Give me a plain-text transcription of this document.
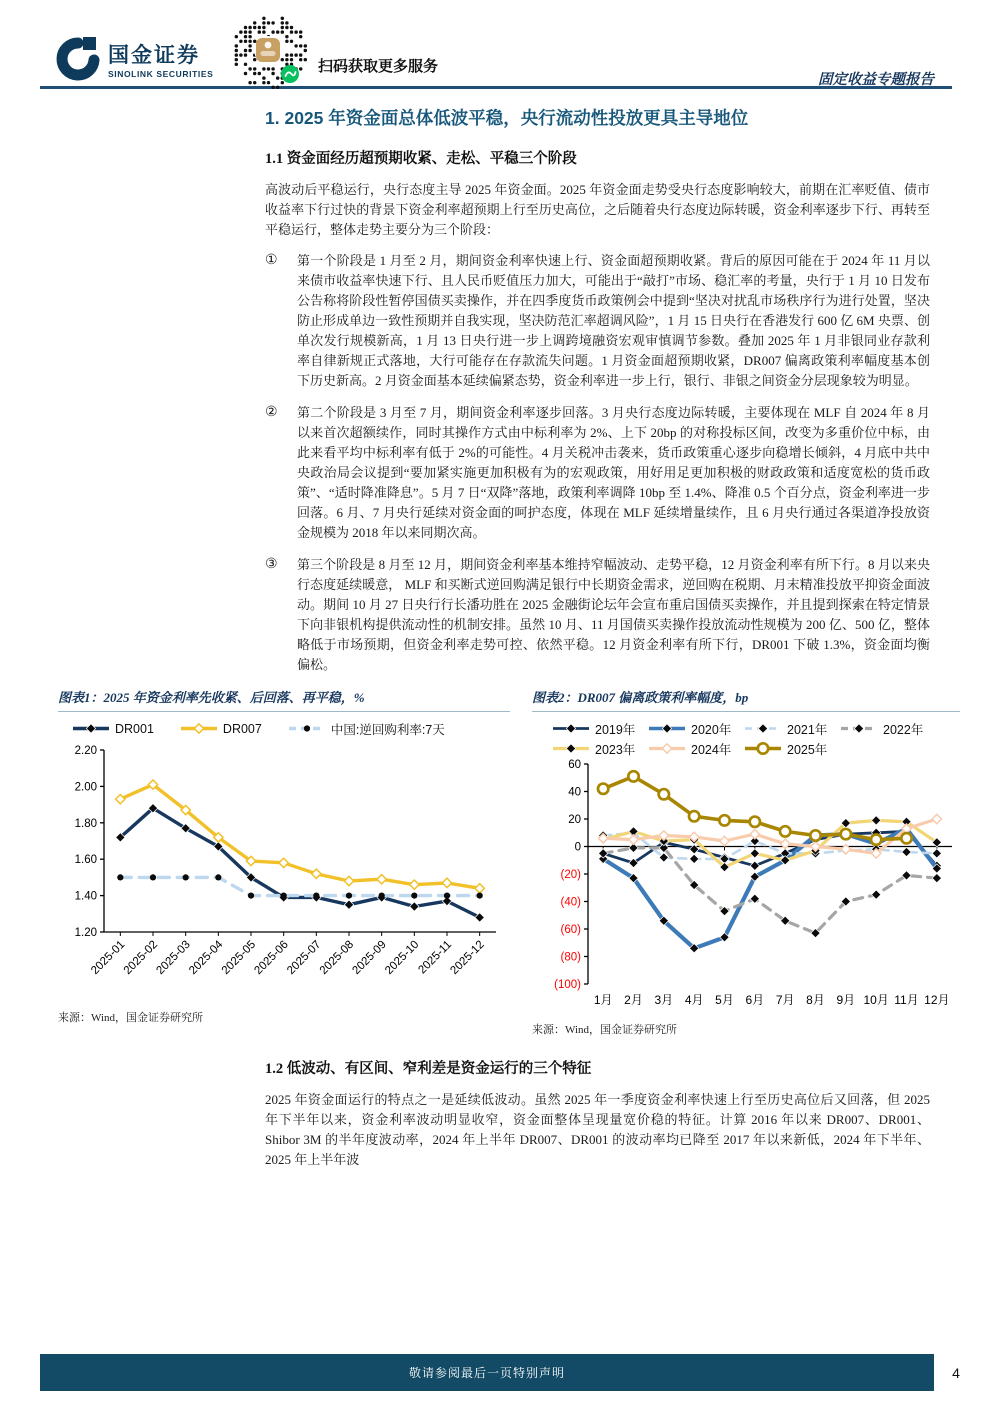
国金证券
SINOLINK SECURITIES	扫码获取更多服务
固定收益专题报告
1. 2025 年资金面总体低波平稳，央行流动性投放更具主导地位
1.1 资金面经历超预期收紧、走松、平稳三个阶段

高波动后平稳运行，央行态度主导 2025 年资金面。2025 年资金面走势受央行态度影响较大，前期在汇率贬值、债市收益率下行过快的背景下资金利率超预期上行至历史高位，之后随着央行态度边际转暖，资金利率逐步下行、再转至平稳运行，整体走势主要分为三个阶段：

①	第一个阶段是 1 月至 2 月，期间资金利率快速上行、资金面超预期收紧。背后的原因可能在于 2024 年 11 月以来债市收益率快速下行、且人民币贬值压力加大，可能出于“敲打”市场、稳汇率的考量，央行于 1 月 10 日发布公告称将阶段性暂停国债买卖操作，并在四季度货币政策例会中提到“坚决对扰乱市场秩序行为进行处置，坚决防止形成单边一致性预期并自我实现，坚决防范汇率超调风险”，1 月 15 日央行在香港发行 600 亿 6M 央票、创单次发行规模新高，1 月 13 日央行进一步上调跨境融资宏观审慎调节参数。叠加 2025 年 1 月非银同业存款利率自律新规正式落地，大行可能存在存款流失问题。1 月资金面超预期收紧，DR007 偏离政策利率幅度基本创下历史新高。2 月资金面基本延续偏紧态势，资金利率进一步上行，银行、非银之间资金分层现象较为明显。
②	第二个阶段是 3 月至 7 月，期间资金利率逐步回落。3 月央行态度边际转暖，主要体现在 MLF 自 2024 年 8 月以来首次超额续作，同时其操作方式由中标利率为 2%、上下 20bp 的对称投标区间，改变为多重价位中标，由此来看平均中标利率有低于 2%的可能性。4 月关税冲击袭来，货币政策重心逐步向稳增长倾斜，4 月底中共中央政治局会议提到“要加紧实施更加积极有为的宏观政策，用好用足更加积极的财政政策和适度宽松的货币政策”、“适时降准降息”。5 月 7 日“双降”落地，政策利率调降 10bp 至 1.4%、降准 0.5 个百分点，资金利率进一步回落。6 月、7 月央行延续对资金面的呵护态度，体现在 MLF 延续增量续作，且 6 月央行通过各渠道净投放资金规模为 2018 年以来同期次高。
③	第三个阶段是 8 月至 12 月，期间资金利率基本维持窄幅波动、走势平稳，12 月资金利率有所下行。8 月以来央行态度延续暖意， MLF 和买断式逆回购满足银行中长期资金需求，逆回购在税期、月末精准投放平抑资金面波动。期间 10 月 27 日央行行长潘功胜在 2025 金融街论坛年会宣布重启国债买卖操作，并且提到探索在特定情景下向非银机构提供流动性的机制安排。虽然 10 月、11 月国债买卖操作投放流动性规模为 200 亿、500 亿，整体略低于市场预期，但资金利率走势可控、依然平稳。12 月资金利率有所下行，DR001 下破 1.3%，资金面均衡偏松。
图表1：2025 年资金利率先收紧、后回落、再平稳，%
DR001	DR007	中国:逆回购利率:7天
2.20
2.00
1.80
1.60
1.40
1.20
2025-01
2025-02
2025-03
2025-04
2025-05
2025-06
2025-07
2025-08
2025-09
2025-10
2025-11
2025-12
来源：Wind，国金证券研究所
图表2：DR007 偏离政策利率幅度，bp
2019年	2020年	2021年	2022年
2023年	2024年	2025年
60
40
20
0
(20)
(40)
(60)
(80)
(100)
1月 2月 3月 4月 5月 6月 7月 8月 9月 10月 11月 12月
来源：Wind，国金证券研究所
1.2 低波动、有区间、窄利差是资金运行的三个特征

2025 年资金面运行的特点之一是延续低波动。虽然 2025 年一季度资金利率快速上行至历史高位后又回落，但 2025 年下半年以来，资金利率波动明显收窄，资金面整体呈现量宽价稳的特征。计算 2016 年以来 DR007、DR001、Shibor 3M 的半年度波动率，2024 年上半年 DR007、DR001 的波动率均已降至 2017 年以来新低，2024 年下半年、2025 年上半年波

敬请参阅最后一页特别声明	4
